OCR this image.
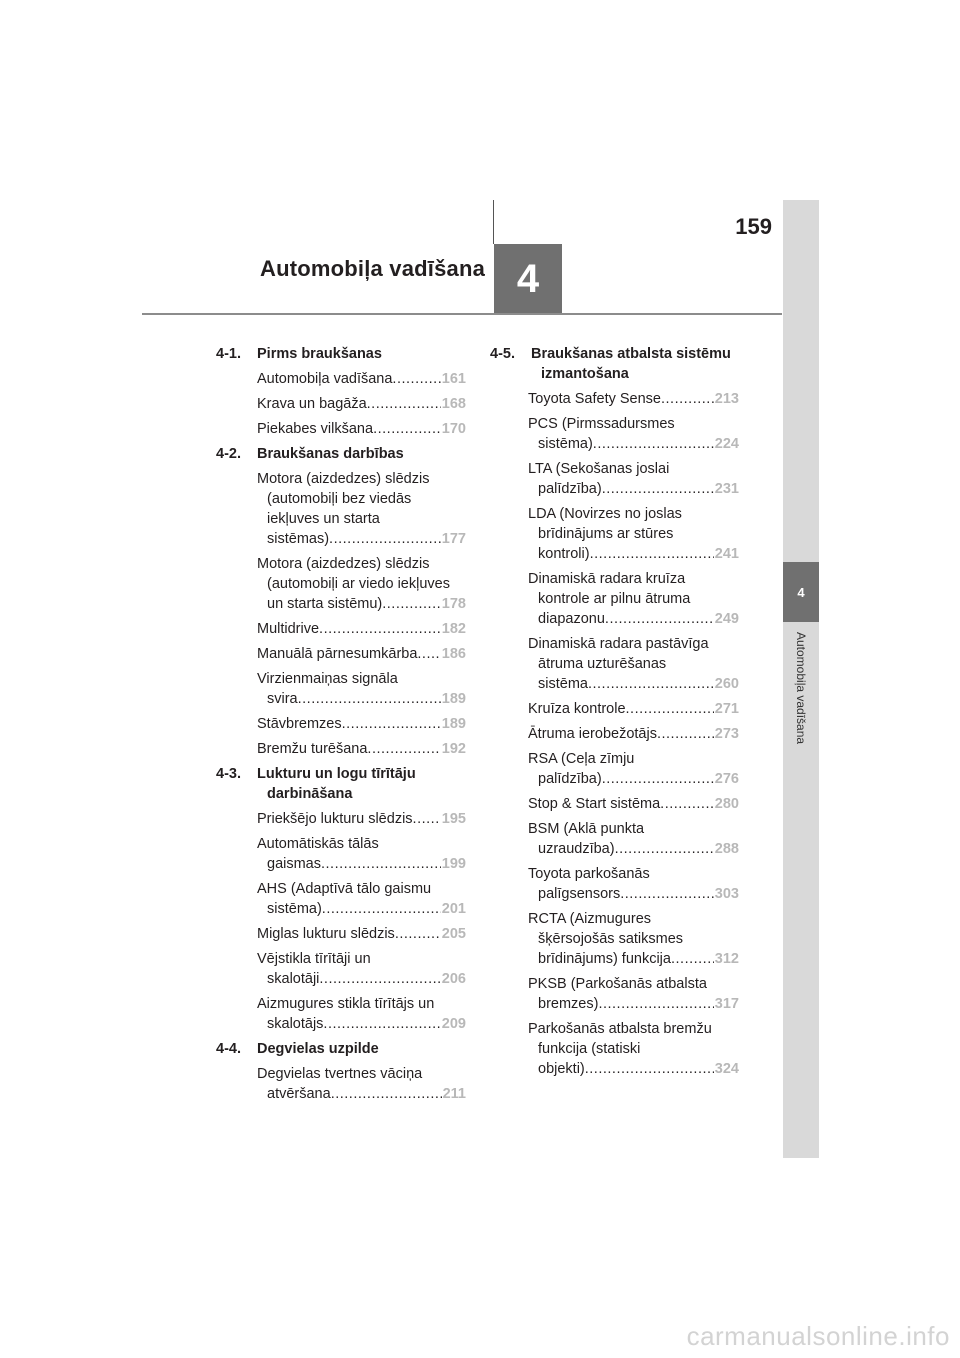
159
Automobiļa vadīšana 4
4
Automobiļa vadīšana
4-1.	Pirms braukšanas
Automobiļa vadīšana .....	161
Krava un bagāža .....	168
Piekabes vilkšana .....	170
4-2.	Braukšanas darbības
Motora (aizdedzes) slēdzis
(automobiļi bez viedās
iekļuves un starta
sistēmas) .....	177
Motora (aizdedzes) slēdzis
(automobiļi ar viedo iekļuves
un starta sistēmu) .....	178
Multidrive .....	182
Manuālā pārnesumkārba ..... 186
Virzienmaiņas signāla
svira .....	189
Stāvbremzes .....	189
Bremžu turēšana .....	192
4-3.	Lukturu un logu tīrītāju
darbināšana
Priekšējo lukturu slēdzis ..... 195
Automātiskās tālās
gaismas .....	199
AHS (Adaptīvā tālo gaismu
sistēma) .....	201
Miglas lukturu slēdzis .....	205
Vējstikla tīrītāji un
skalotāji .....	206
Aizmugures stikla tīrītājs un
skalotājs .....	209
4-4.	Degvielas uzpilde
Degvielas tvertnes vāciņa
atvēršana .....	211
4-5.	Braukšanas atbalsta sistēmu
izmantošana
Toyota Safety Sense .....	213
PCS (Pirmssadursmes
sistēma) .....	224
LTA (Sekošanas joslai
palīdzība) .....	231
LDA (Novirzes no joslas
brīdinājums ar stūres
kontroli) .....	241
Dinamiskā radara kruīza
kontrole ar pilnu ātruma
diapazonu .....	249
Dinamiskā radara pastāvīga
ātruma uzturēšanas
sistēma .....	260
Kruīza kontrole .....	271
Ātruma ierobežotājs .....	273
RSA (Ceļa zīmju
palīdzība) .....	276
Stop & Start sistēma .....	280
BSM (Aklā punkta
uzraudzība) .....	288
Toyota parkošanās
palīgsensors .....	303
RCTA (Aizmugures
šķērsojošās satiksmes
brīdinājums) funkcija .....	312
PKSB (Parkošanās atbalsta
bremzes) .....	317
Parkošanās atbalsta bremžu
funkcija (statiski
objekti) .....	324
carmanualsonline.info
